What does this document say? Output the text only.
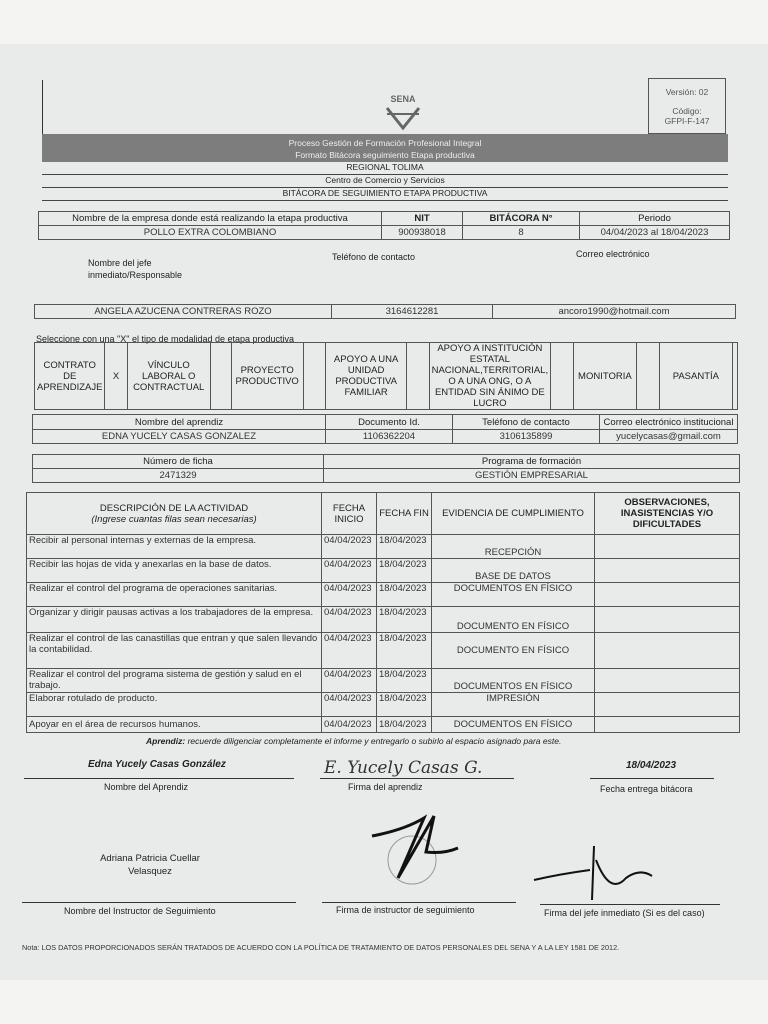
Versión: 02
Código:
GFPI-F-147
SENA
Proceso Gestión de Formación Profesional Integral
Formato Bitácora seguimiento Etapa productiva
REGIONAL TOLIMA
Centro de Comercio y Servicios
BITÁCORA DE SEGUIMIENTO ETAPA PRODUCTIVA
Nombre de la empresa donde está realizando la etapa productiva	NIT	BITÁCORA N°	Periodo
POLLO EXTRA COLOMBIANO	900938018	8	04/04/2023 al 18/04/2023
Nombre del jefe inmediato/Responsable
Teléfono de contacto	Correo electrónico
ANGELA AZUCENA CONTRERAS ROZO	3164612281	ancoro1990@hotmail.com
Seleccione con una "X" el tipo de modalidad de etapa productiva
CONTRATO DE APRENDIZAJE	X	VÍNCULO LABORAL O CONTRACTUAL		PROYECTO PRODUCTIVO		APOYO A UNA UNIDAD PRODUCTIVA FAMILIAR		APOYO A INSTITUCIÓN ESTATAL NACIONAL,TERRITORIAL, O A UNA ONG, O A ENTIDAD SIN ÁNIMO DE LUCRO		MONITORIA		PASANTÍA	
Nombre del aprendiz	Documento Id.	Teléfono de contacto	Correo electrónico institucional
EDNA YUCELY CASAS GONZALEZ	1106362204	3106135899	yucelycasas@gmail.com
Número de ficha	Programa de formación
2471329	GESTIÓN EMPRESARIAL
DESCRIPCIÓN DE LA ACTIVIDAD
(Ingrese cuantas filas sean necesarias)	FECHA INICIO	FECHA FIN	EVIDENCIA DE CUMPLIMIENTO	OBSERVACIONES, INASISTENCIAS Y/O DIFICULTADES
Recibir al personal internas y externas de la empresa.	04/04/2023	18/04/2023	RECEPCIÓN	
Recibir las hojas de vida y anexarlas en la base de datos.	04/04/2023	18/04/2023	BASE DE DATOS	
Realizar el control del programa de operaciones sanitarias.	04/04/2023	18/04/2023	DOCUMENTOS EN FÍSICO	
Organizar y dirigir pausas activas a los trabajadores de la empresa.	04/04/2023	18/04/2023	DOCUMENTO EN FÍSICO	
Realizar el control de las canastillas que entran y que salen llevando la contabilidad.	04/04/2023	18/04/2023	DOCUMENTO EN FÍSICO	
Realizar el control del programa sistema de gestión y salud en el trabajo.	04/04/2023	18/04/2023	DOCUMENTOS EN FÍSICO	
Elaborar rotulado de producto.	04/04/2023	18/04/2023	IMPRESIÓN	
Apoyar en el área de recursos humanos.	04/04/2023	18/04/2023	DOCUMENTOS EN FÍSICO	
Aprendiz: recuerde diligenciar completamente el informe y entregarlo o subirlo al espacio asignado para este.
Edna Yucely Casas González
Nombre del Aprendiz
E. Yucely Casas G.
Firma del aprendiz
18/04/2023
Fecha entrega bitácora
Adriana Patricia Cuellar Velasquez
Nombre del Instructor de Seguimiento	Firma de instructor de seguimiento	Firma del jefe inmediato (Si es del caso)
Nota: LOS DATOS PROPORCIONADOS SERÁN TRATADOS DE ACUERDO CON LA POLÍTICA DE TRATAMIENTO DE DATOS PERSONALES DEL SENA Y A LA LEY 1581 DE 2012.
